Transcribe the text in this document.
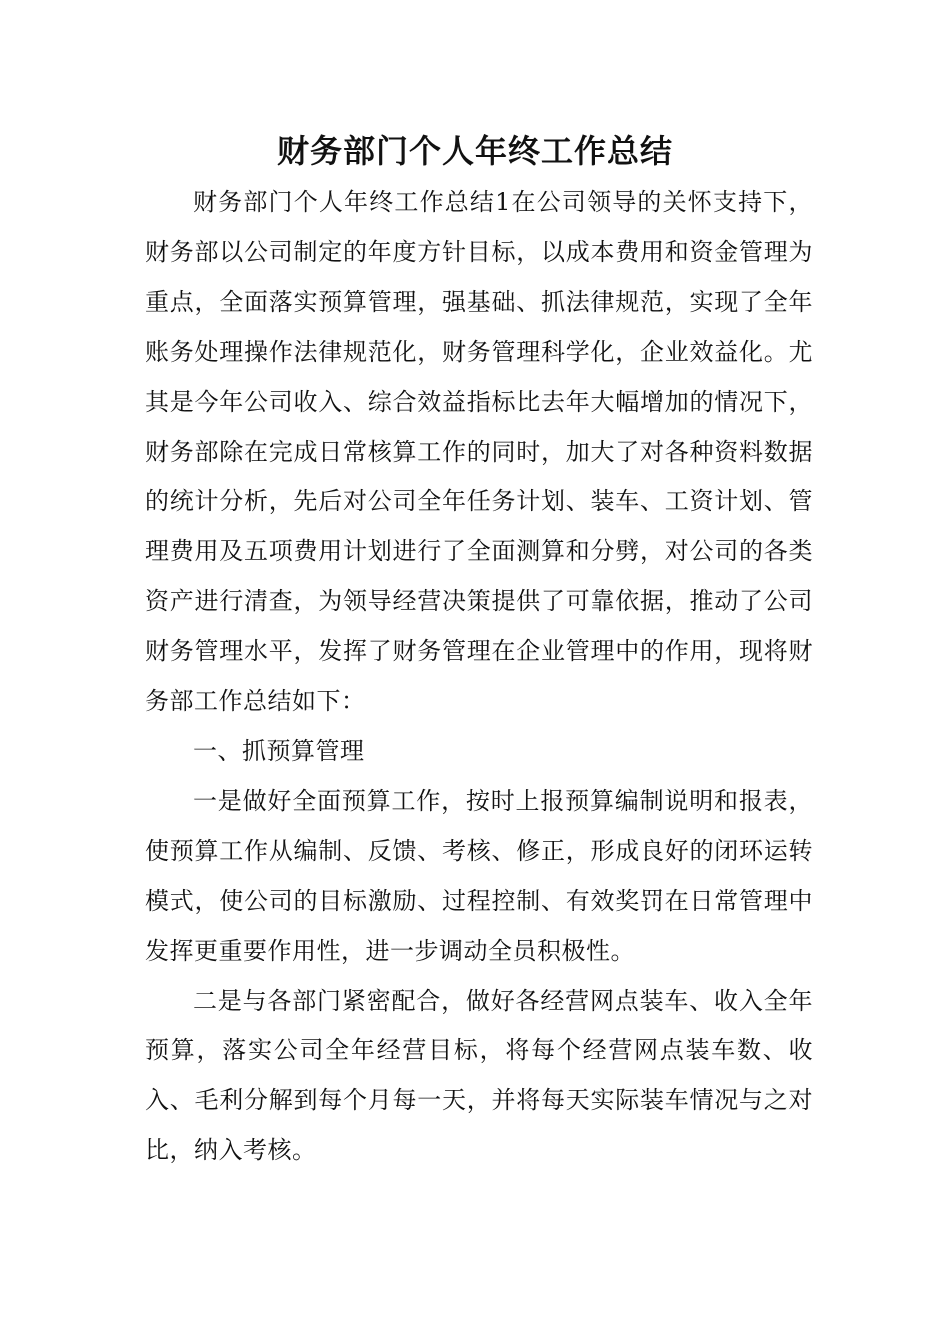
财务部门个人年终工作总结

财务部门个人年终工作总结1在公司领导的关怀支持下，财务部以公司制定的年度方针目标，以成本费用和资金管理为重点，全面落实预算管理，强基础、抓法律规范，实现了全年账务处理操作法律规范化，财务管理科学化，企业效益化。尤其是今年公司收入、综合效益指标比去年大幅增加的情况下，财务部除在完成日常核算工作的同时，加大了对各种资料数据的统计分析，先后对公司全年任务计划、装车、工资计划、管理费用及五项费用计划进行了全面测算和分劈，对公司的各类资产进行清查，为领导经营决策提供了可靠依据，推动了公司财务管理水平，发挥了财务管理在企业管理中的作用，现将财务部工作总结如下：

一、抓预算管理

一是做好全面预算工作，按时上报预算编制说明和报表，使预算工作从编制、反馈、考核、修正，形成良好的闭环运转模式，使公司的目标激励、过程控制、有效奖罚在日常管理中发挥更重要作用性，进一步调动全员积极性。

二是与各部门紧密配合，做好各经营网点装车、收入全年预算，落实公司全年经营目标，将每个经营网点装车数、收入、毛利分解到每个月每一天，并将每天实际装车情况与之对比，纳入考核。
